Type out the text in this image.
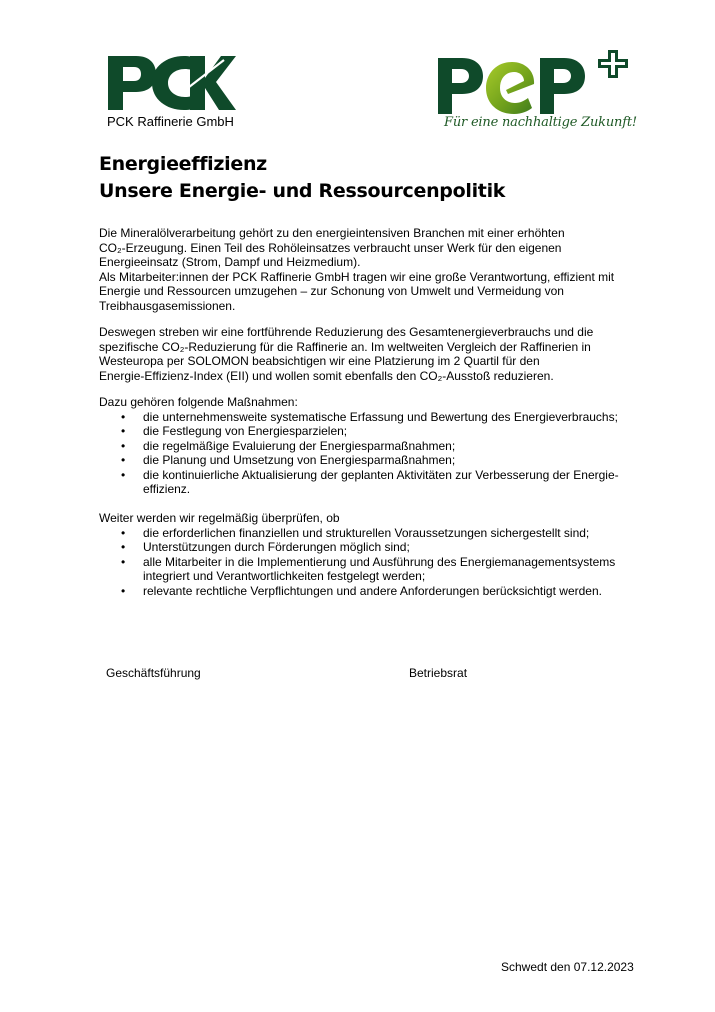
PCK Raffinerie GmbH	Für eine nachhaltige Zukunft!
Energieeffizienz
Unsere Energie- und Ressourcenpolitik
Die Mineralölverarbeitung gehört zu den energieintensiven Branchen mit einer erhöhten
CO₂-Erzeugung. Einen Teil des Rohöleinsatzes verbraucht unser Werk für den eigenen
Energieeinsatz (Strom, Dampf und Heizmedium).
Als Mitarbeiter:innen der PCK Raffinerie GmbH tragen wir eine große Verantwortung, effizient mit
Energie und Ressourcen umzugehen – zur Schonung von Umwelt und Vermeidung von
Treibhausgasemissionen.
Deswegen streben wir eine fortführende Reduzierung des Gesamtenergieverbrauchs und die
spezifische CO₂-Reduzierung für die Raffinerie an. Im weltweiten Vergleich der Raffinerien in
Westeuropa per SOLOMON beabsichtigen wir eine Platzierung im 2 Quartil für den
Energie-Effizienz-Index (EII) und wollen somit ebenfalls den CO₂-Ausstoß reduzieren.
Dazu gehören folgende Maßnahmen:
• die unternehmensweite systematische Erfassung und Bewertung des Energieverbrauchs;
• die Festlegung von Energiesparzielen;
• die regelmäßige Evaluierung der Energiesparmaßnahmen;
• die Planung und Umsetzung von Energiesparmaßnahmen;
• die kontinuierliche Aktualisierung der geplanten Aktivitäten zur Verbesserung der Energie-
effizienz.
Weiter werden wir regelmäßig überprüfen, ob
• die erforderlichen finanziellen und strukturellen Voraussetzungen sichergestellt sind;
• Unterstützungen durch Förderungen möglich sind;
• alle Mitarbeiter in die Implementierung und Ausführung des Energiemanagementsystems
integriert und Verantwortlichkeiten festgelegt werden;
• relevante rechtliche Verpflichtungen und andere Anforderungen berücksichtigt werden.
Geschäftsführung	Betriebsrat
Schwedt den 07.12.2023
